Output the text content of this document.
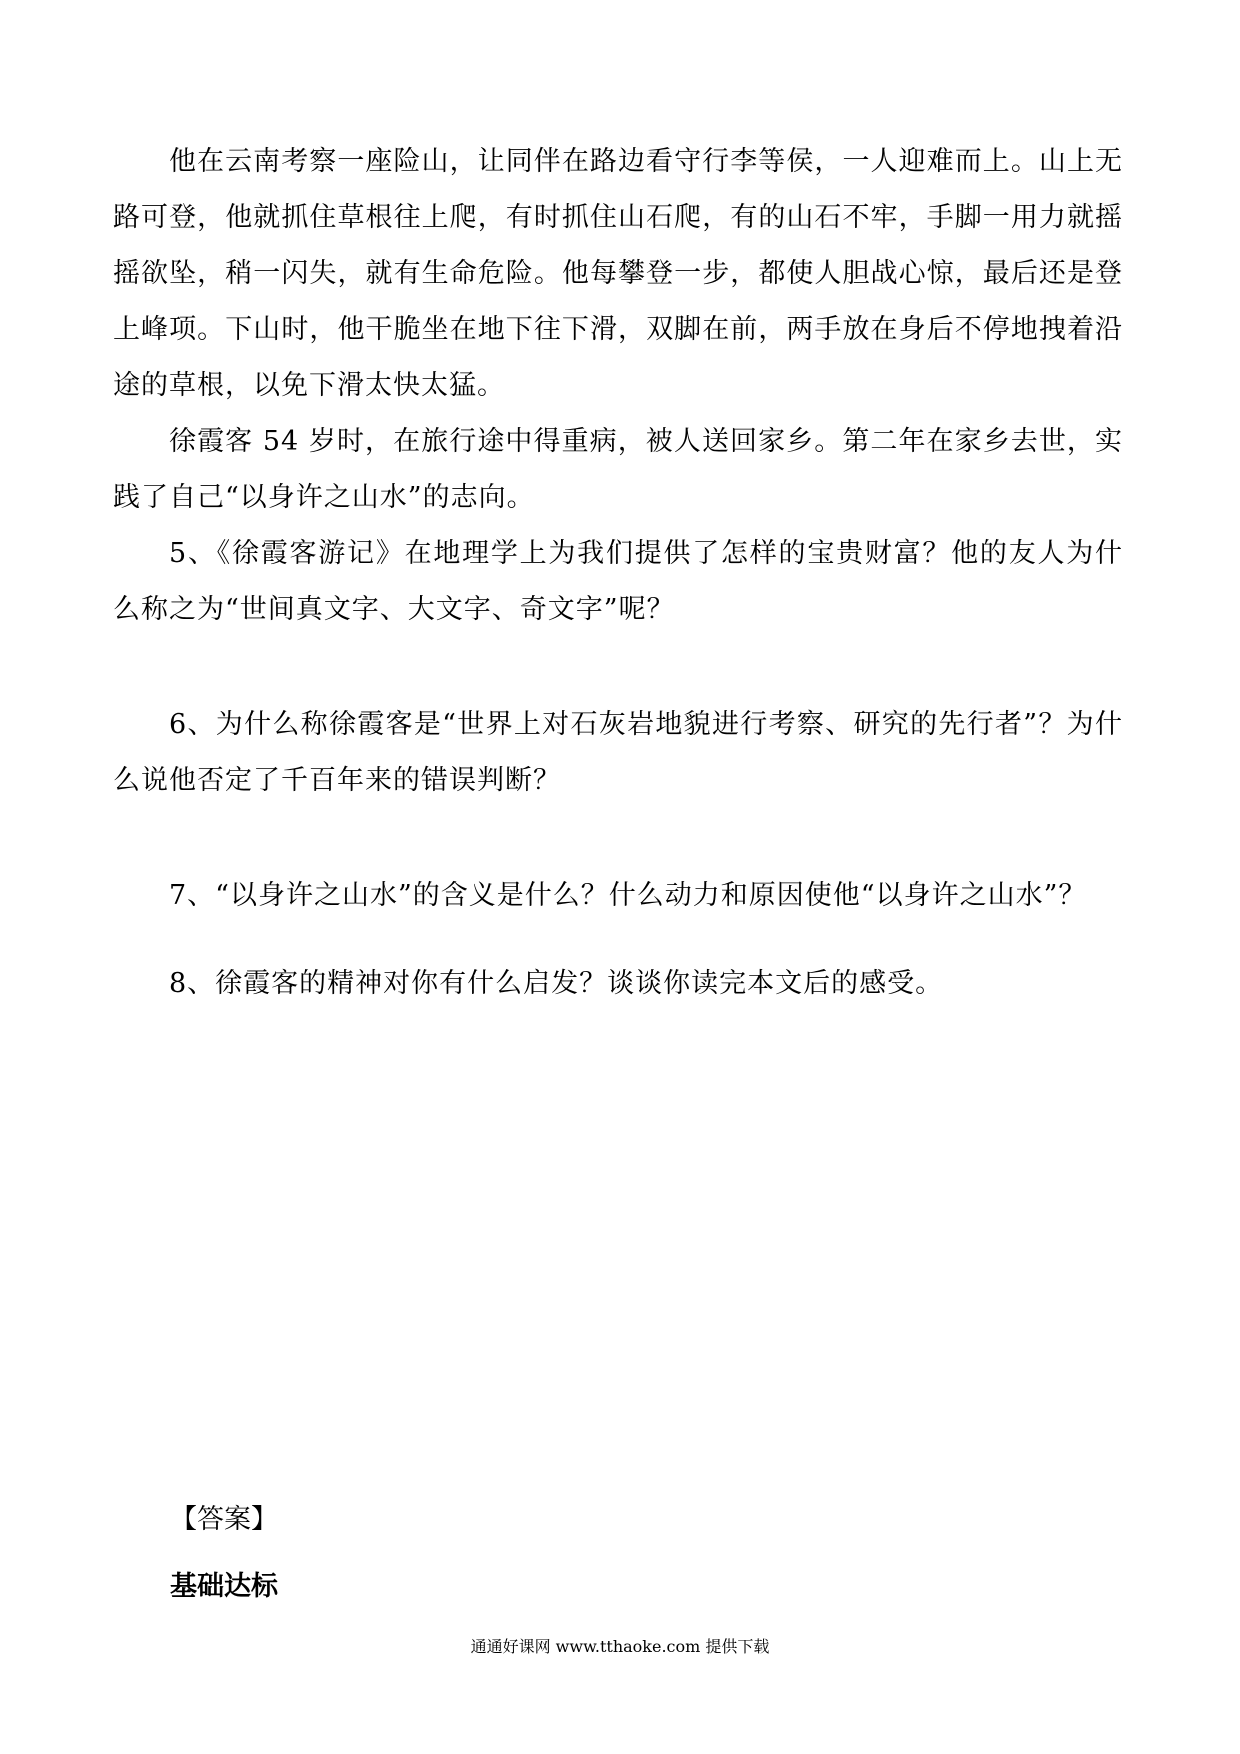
他在云南考察一座险山，让同伴在路边看守行李等侯，一人迎难而上。山上无路可登，他就抓住草根往上爬，有时抓住山石爬，有的山石不牢，手脚一用力就摇摇欲坠，稍一闪失，就有生命危险。他每攀登一步，都使人胆战心惊，最后还是登上峰项。下山时，他干脆坐在地下往下滑，双脚在前，两手放在身后不停地拽着沿途的草根，以免下滑太快太猛。

徐霞客 54 岁时，在旅行途中得重病，被人送回家乡。第二年在家乡去世，实践了自己“以身许之山水”的志向。

5、《徐霞客游记》在地理学上为我们提供了怎样的宝贵财富？他的友人为什么称之为“世间真文字、大文字、奇文字”呢？

6、为什么称徐霞客是“世界上对石灰岩地貌进行考察、研究的先行者”？为什么说他否定了千百年来的错误判断？

7、“以身许之山水”的含义是什么？什么动力和原因使他“以身许之山水”？

8、徐霞客的精神对你有什么启发？谈谈你读完本文后的感受。

【答案】

基础达标

通通好课网 www.tthaoke.com 提供下载
